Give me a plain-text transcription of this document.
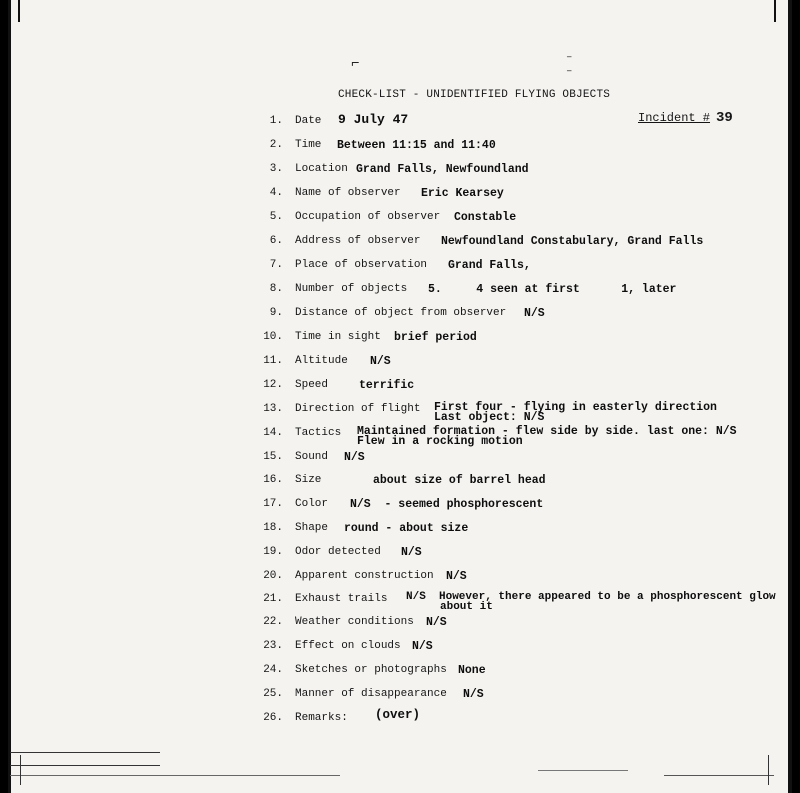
⌐	⁻
⁻
CHECK-LIST - UNIDENTIFIED FLYING OBJECTS
Incident # 39
1. Date 9 July 47
2. Time Between 11:15 and 11:40
3. Location Grand Falls, Newfoundland
4. Name of observer Eric Kearsey
5. Occupation of observer Constable
6. Address of observer Newfoundland Constabulary, Grand Falls
7. Place of observation Grand Falls,
8. Number of objects 5.     4 seen at first      1, later
9. Distance of object from observer N/S
10. Time in sight brief period
11. Altitude N/S
12. Speed	terrific
13. Direction of flight First four - flying in easterly direction
Last object: N/S
14. Tactics Maintained formation - flew side by side. last one: N/S
Flew in a rocking motion
15. Sound N/S
16. Size	about size of barrel head
17. Color N/S  - seemed phosphorescent
18. Shape round - about size
19. Odor detected N/S
20. Apparent construction N/S
21. Exhaust trails N/S  However, there appeared to be a phosphorescent glow
about it
22. Weather conditions N/S
23. Effect on clouds N/S
24. Sketches or photographs None
25. Manner of disappearance N/S
26. Remarks: (over)
